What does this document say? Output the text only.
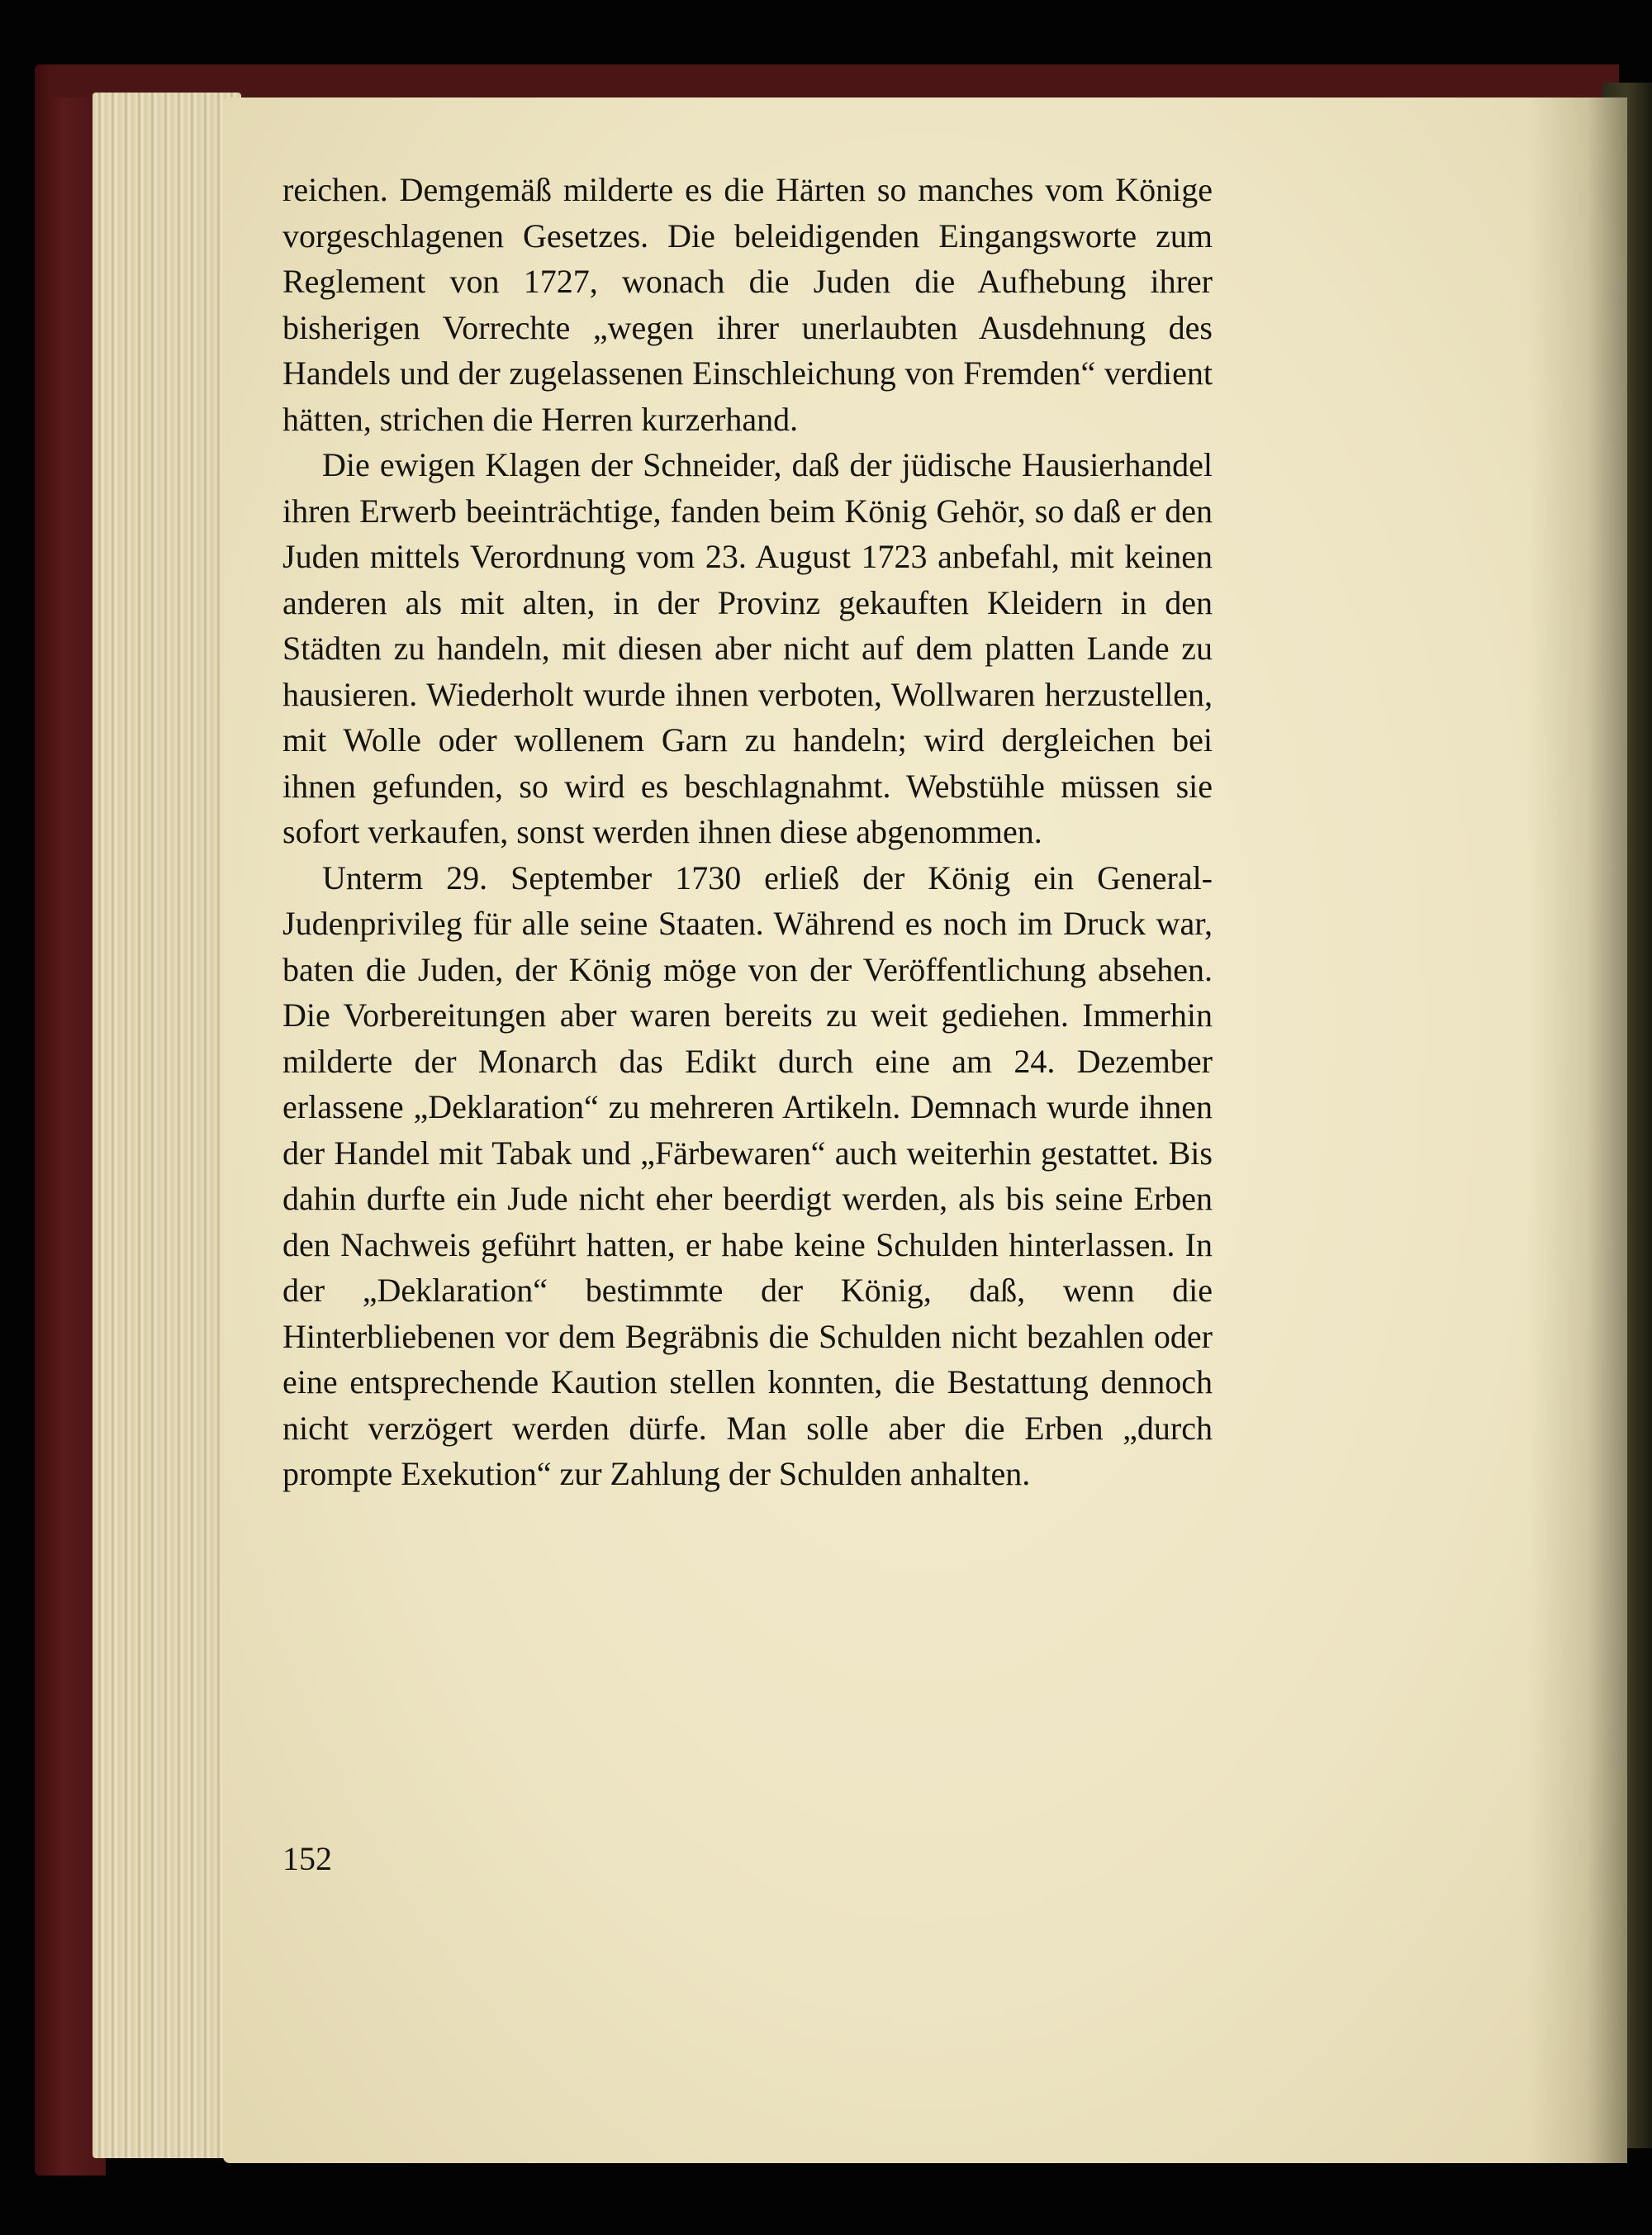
reichen. Demgemäß milderte es die Härten so manches vom Könige vorgeschlagenen Gesetzes. Die beleidigenden Eingangsworte zum Reglement von 1727, wonach die Juden die Aufhebung ihrer bisherigen Vorrechte „wegen ihrer unerlaubten Ausdehnung des Handels und der zugelassenen Einschleichung von Fremden“ verdient hätten, strichen die Herren kurzerhand.

Die ewigen Klagen der Schneider, daß der jüdische Hausierhandel ihren Erwerb beeinträchtige, fanden beim König Gehör, so daß er den Juden mittels Verordnung vom 23. August 1723 anbefahl, mit keinen anderen als mit alten, in der Provinz gekauften Kleidern in den Städten zu handeln, mit diesen aber nicht auf dem platten Lande zu hausieren. Wiederholt wurde ihnen verboten, Wollwaren herzustellen, mit Wolle oder wollenem Garn zu handeln; wird dergleichen bei ihnen gefunden, so wird es beschlagnahmt. Webstühle müssen sie sofort verkaufen, sonst werden ihnen diese abgenommen.

Unterm 29. September 1730 erließ der König ein General-Judenprivileg für alle seine Staaten. Während es noch im Druck war, baten die Juden, der König möge von der Veröffentlichung absehen. Die Vorbereitungen aber waren bereits zu weit gediehen. Immerhin milderte der Monarch das Edikt durch eine am 24. Dezember erlassene „Deklaration“ zu mehreren Artikeln. Demnach wurde ihnen der Handel mit Tabak und „Färbewaren“ auch weiterhin gestattet. Bis dahin durfte ein Jude nicht eher beerdigt werden, als bis seine Erben den Nachweis geführt hatten, er habe keine Schulden hinterlassen. In der „Deklaration“ bestimmte der König, daß, wenn die Hinterbliebenen vor dem Begräbnis die Schulden nicht bezahlen oder eine entsprechende Kaution stellen konnten, die Bestattung dennoch nicht verzögert werden dürfe. Man solle aber die Erben „durch prompte Exekution“ zur Zahlung der Schulden anhalten.

152
